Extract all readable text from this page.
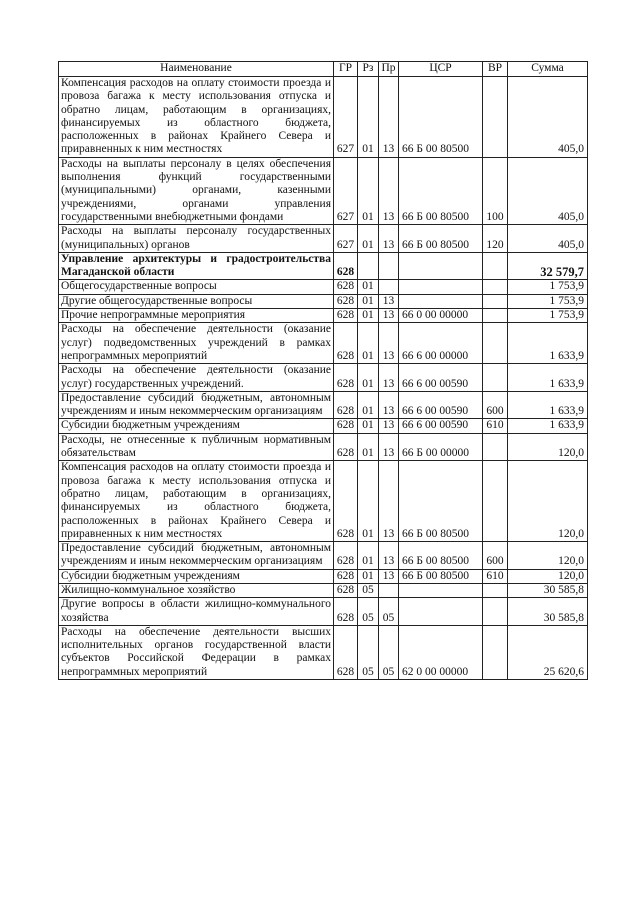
Наименование	ГР	Рз	Пр	ЦСР	ВР	Сумма
Компенсация расходов на оплату стоимости проезда и провоза багажа к месту использования отпуска и обратно лицам, работающим в организациях, финансируемых из областного бюджета, расположенных в районах Крайнего Севера и приравненных к ним местностях	627	01	13	66 Б 00 80500		405,0
Расходы на выплаты персоналу в целях обеспечения выполнения функций государственными (муниципальными) органами, казенными учреждениями, органами управления государственными внебюджетными фондами	627	01	13	66 Б 00 80500	100	405,0
Расходы на выплаты персоналу государственных (муниципальных) органов	627	01	13	66 Б 00 80500	120	405,0
Управление архитектуры и градостроительства Магаданской области	628					32 579,7
Общегосударственные вопросы	628	01				1 753,9
Другие общегосударственные вопросы	628	01	13			1 753,9
Прочие непрограммные мероприятия	628	01	13	66 0 00 00000		1 753,9
Расходы на обеспечение деятельности (оказание услуг) подведомственных учреждений в рамках непрограммных мероприятий	628	01	13	66 6 00 00000		1 633,9
Расходы на обеспечение деятельности (оказание услуг) государственных учреждений.	628	01	13	66 6 00 00590		1 633,9
Предоставление субсидий бюджетным, автономным учреждениям и иным некоммерческим организациям	628	01	13	66 6 00 00590	600	1 633,9
Субсидии бюджетным учреждениям	628	01	13	66 6 00 00590	610	1 633,9
Расходы, не отнесенные к публичным нормативным обязательствам	628	01	13	66 Б 00 00000		120,0
Компенсация расходов на оплату стоимости проезда и провоза багажа к месту использования отпуска и обратно лицам, работающим в организациях, финансируемых из областного бюджета, расположенных в районах Крайнего Севера и приравненных к ним местностях	628	01	13	66 Б 00 80500		120,0
Предоставление субсидий бюджетным, автономным учреждениям и иным некоммерческим организациям	628	01	13	66 Б 00 80500	600	120,0
Субсидии бюджетным учреждениям	628	01	13	66 Б 00 80500	610	120,0
Жилищно-коммунальное хозяйство	628	05				30 585,8
Другие вопросы в области жилищно-коммунального хозяйства	628	05	05			30 585,8
Расходы на обеспечение деятельности высших исполнительных органов государственной власти субъектов Российской Федерации в рамках непрограммных мероприятий	628	05	05	62 0 00 00000		25 620,6
